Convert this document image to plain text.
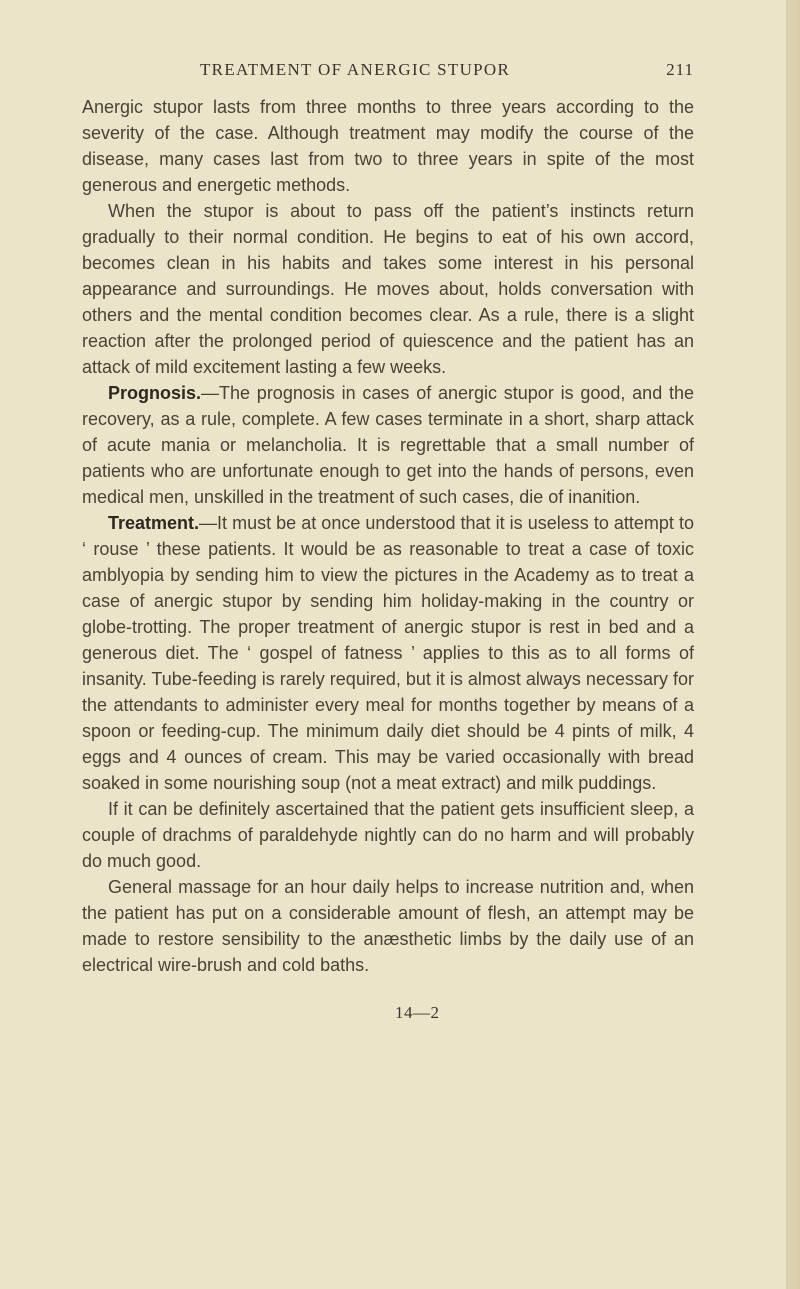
TREATMENT OF ANERGIC STUPOR	211

Anergic stupor lasts from three months to three years according to the severity of the case. Although treatment may modify the course of the disease, many cases last from two to three years in spite of the most generous and energetic methods.

When the stupor is about to pass off the patient’s instincts return gradually to their normal condition. He begins to eat of his own accord, becomes clean in his habits and takes some interest in his personal appearance and surroundings. He moves about, holds conversation with others and the mental condition becomes clear. As a rule, there is a slight reaction after the prolonged period of quiescence and the patient has an attack of mild excitement lasting a few weeks.

Prognosis.—The prognosis in cases of anergic stupor is good, and the recovery, as a rule, complete. A few cases terminate in a short, sharp attack of acute mania or melancholia. It is regrettable that a small number of patients who are unfortunate enough to get into the hands of persons, even medical men, unskilled in the treatment of such cases, die of inanition.

Treatment.—It must be at once understood that it is useless to attempt to ‘ rouse ’ these patients. It would be as reasonable to treat a case of toxic amblyopia by sending him to view the pictures in the Academy as to treat a case of anergic stupor by sending him holiday-making in the country or globe-trotting. The proper treatment of anergic stupor is rest in bed and a generous diet. The ‘ gospel of fatness ’ applies to this as to all forms of insanity. Tube-feeding is rarely required, but it is almost always necessary for the attendants to administer every meal for months together by means of a spoon or feeding-cup. The minimum daily diet should be 4 pints of milk, 4 eggs and 4 ounces of cream. This may be varied occasionally with bread soaked in some nourishing soup (not a meat extract) and milk puddings.

If it can be definitely ascertained that the patient gets insufficient sleep, a couple of drachms of paraldehyde nightly can do no harm and will probably do much good.

General massage for an hour daily helps to increase nutrition and, when the patient has put on a considerable amount of flesh, an attempt may be made to restore sensibility to the anæsthetic limbs by the daily use of an electrical wire-brush and cold baths.

14—2
